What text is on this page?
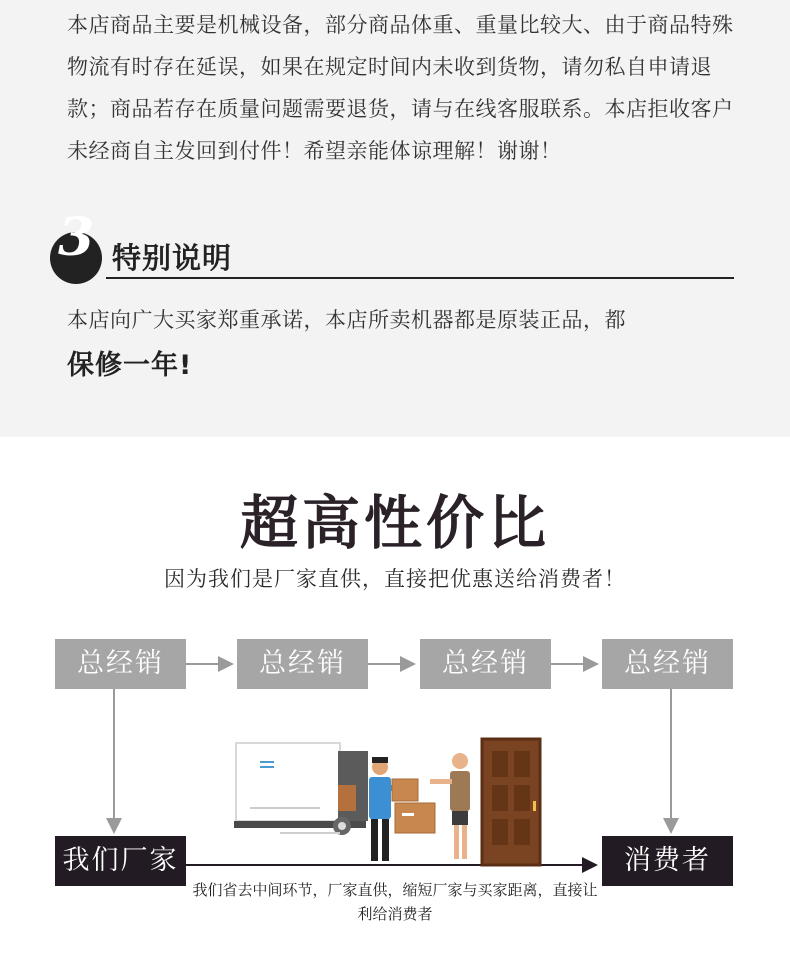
本店商品主要是机械设备，部分商品体重、重量比较大、由于商品特殊物流有时存在延误，如果在规定时间内未收到货物，请勿私自申请退款；商品若存在质量问题需要退货，请与在线客服联系。本店拒收客户未经商自主发回到付件！希望亲能体谅理解！谢谢！

3 特别说明

本店向广大买家郑重承诺，本店所卖机器都是原装正品，都

保修一年!

超高性价比

因为我们是厂家直供，直接把优惠送给消费者！

总经销	总经销	总经销	总经销
我们厂家	消费者

我们省去中间环节，厂家直供，缩短厂家与买家距离，直接让利给消费者
